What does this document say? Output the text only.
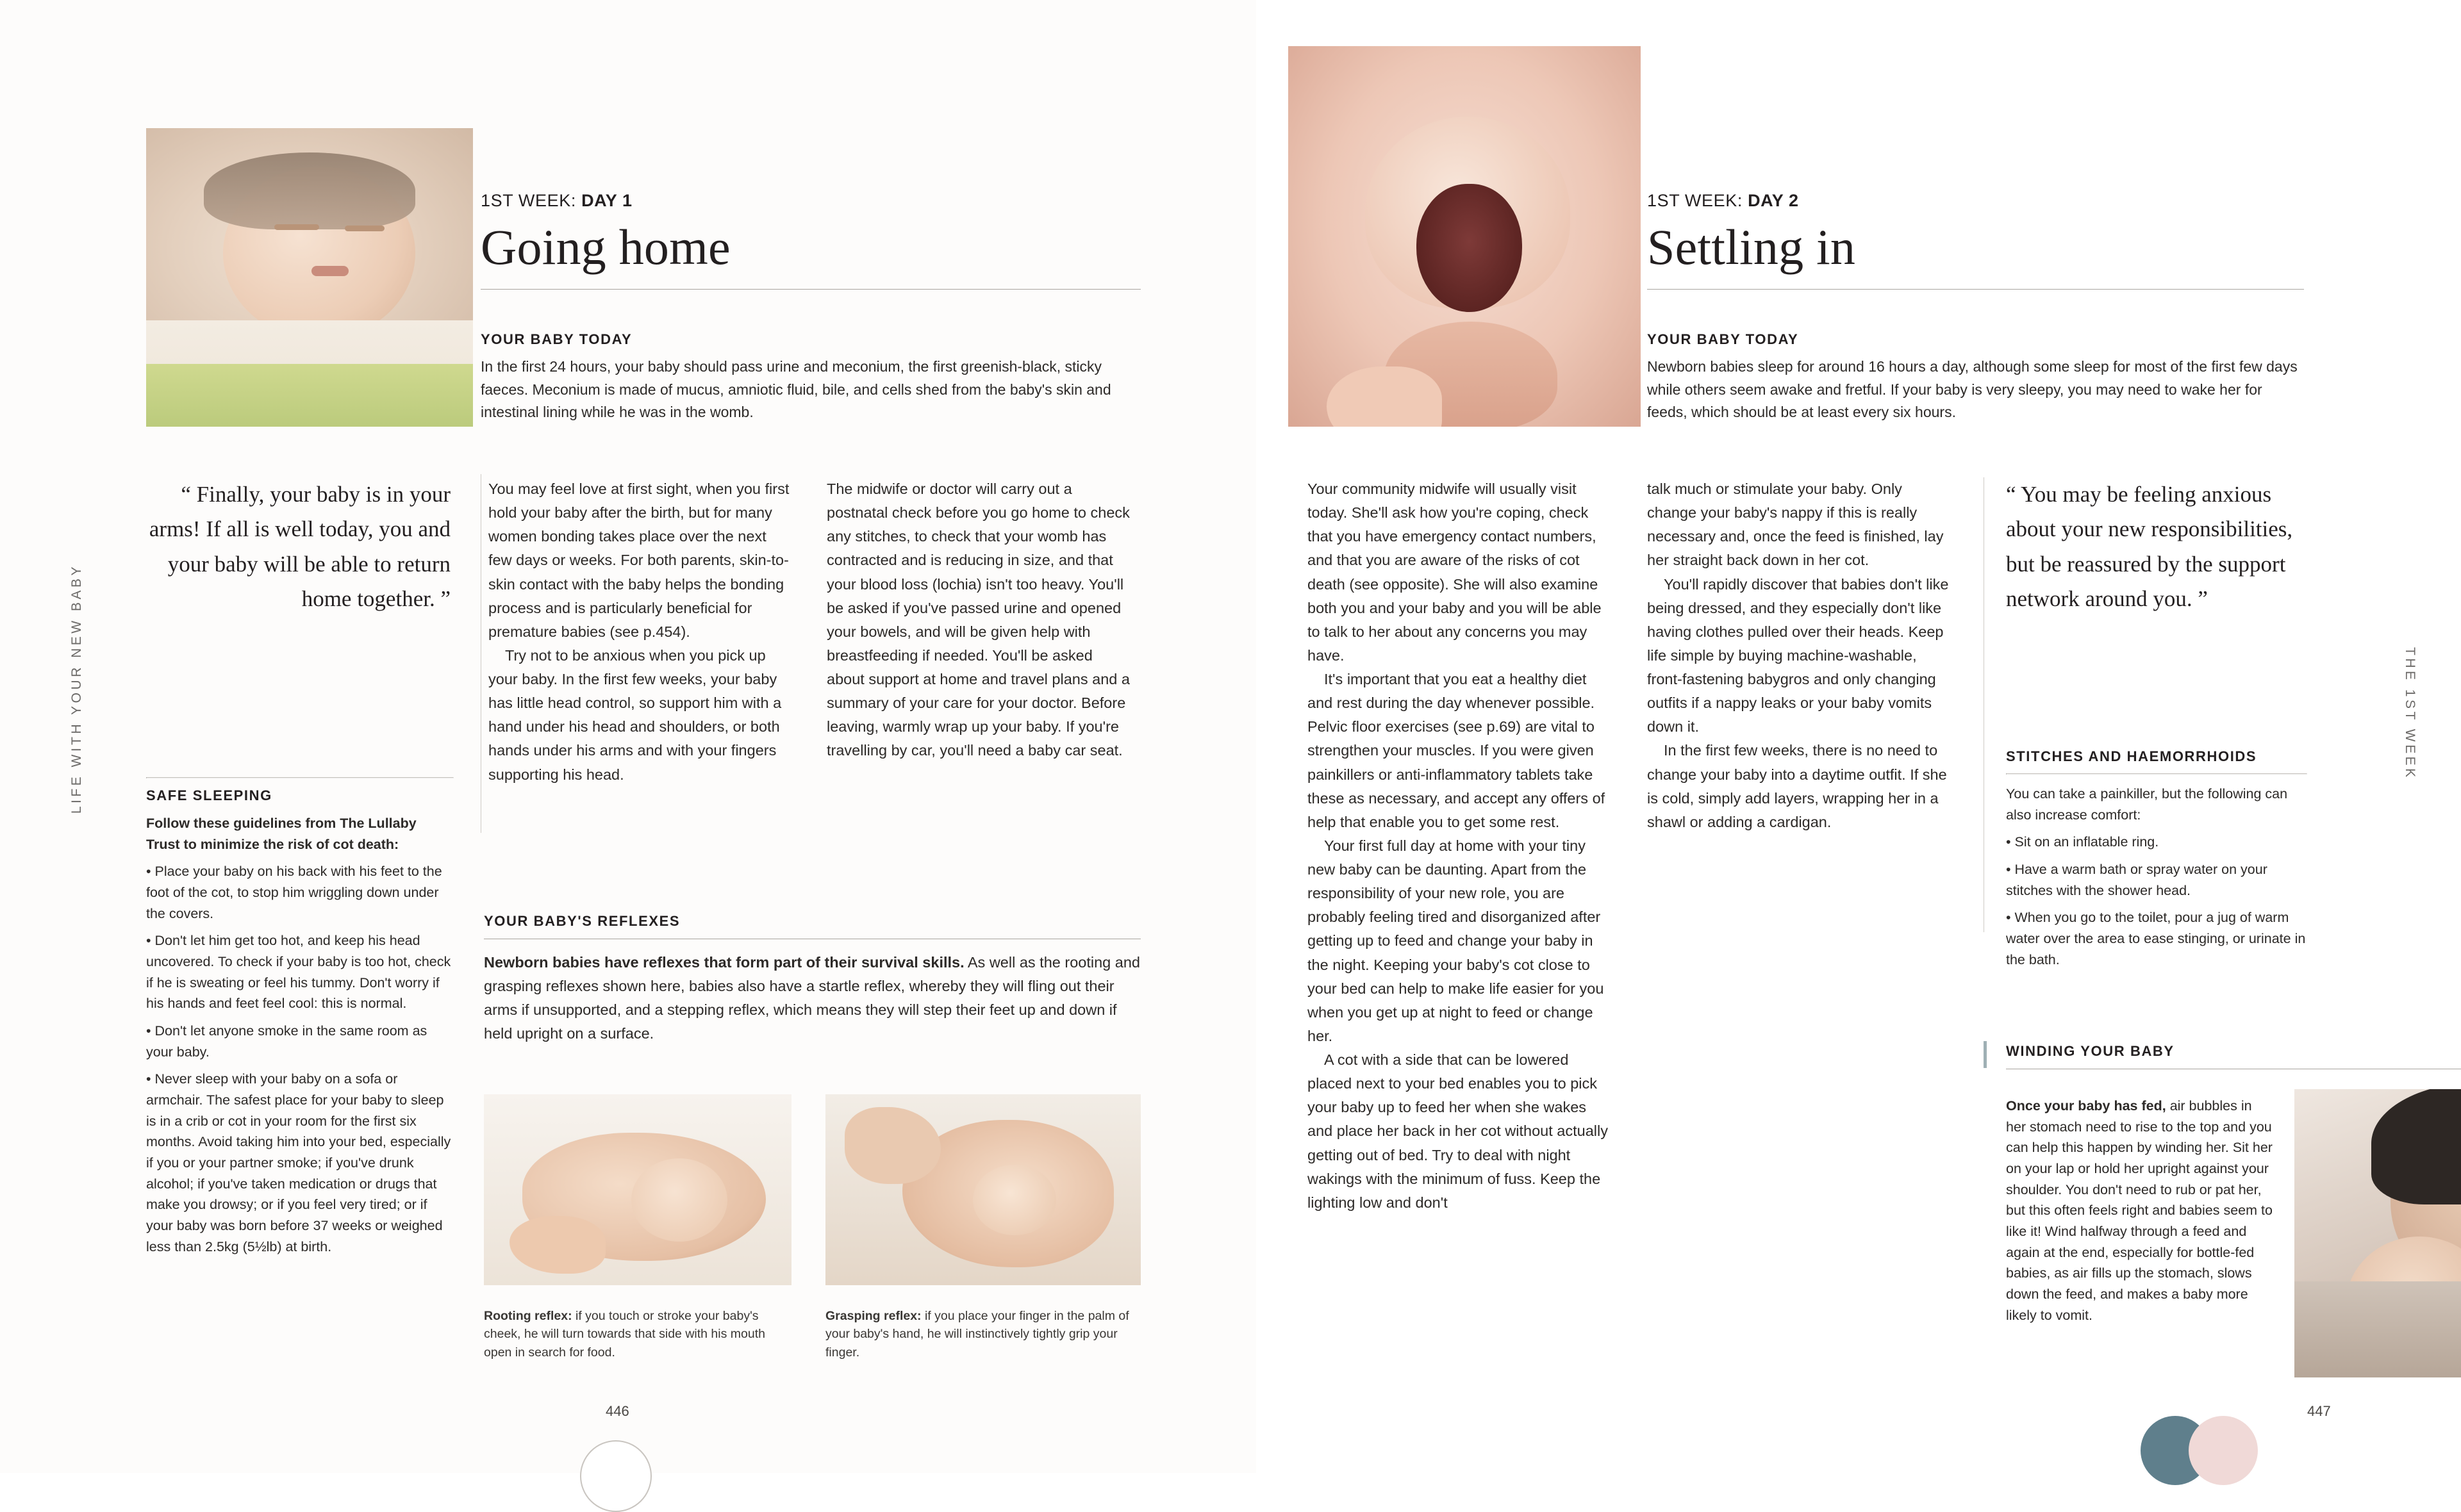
LIFE WITH YOUR NEW BABY
1ST WEEK: DAY 1
Going home
YOUR BABY TODAY
In the first 24 hours, your baby should pass urine and meconium, the first greenish-black, sticky faeces. Meconium is made of mucus, amniotic fluid, bile, and cells shed from the baby's skin and intestinal lining while he was in the womb.
“ Finally, your baby is in your arms! If all is well today, you and your baby will be able to return home together. ”
SAFE SLEEPING

Follow these guidelines from The Lullaby Trust to minimize the risk of cot death:

• Place your baby on his back with his feet to the foot of the cot, to stop him wriggling down under the covers.
• Don't let him get too hot, and keep his head uncovered. To check if your baby is too hot, check if he is sweating or feel his tummy. Don't worry if his hands and feet feel cool: this is normal.
• Don't let anyone smoke in the same room as your baby.
• Never sleep with your baby on a sofa or armchair. The safest place for your baby to sleep is in a crib or cot in your room for the first six months. Avoid taking him into your bed, especially if you or your partner smoke; if you've drunk alcohol; if you've taken medication or drugs that make you drowsy; or if you feel very tired; or if your baby was born before 37 weeks or weighed less than 2.5kg (5½lb) at birth.

You may feel love at first sight, when you first hold your baby after the birth, but for many women bonding takes place over the next few days or weeks. For both parents, skin-to-skin contact with the baby helps the bonding process and is particularly beneficial for premature babies (see p.454).

Try not to be anxious when you pick up your baby. In the first few weeks, your baby has little head control, so support him with a hand under his head and shoulders, or both hands under his arms and with your fingers supporting his head.

The midwife or doctor will carry out a postnatal check before you go home to check any stitches, to check that your womb has contracted and is reducing in size, and that your blood loss (lochia) isn't too heavy. You'll be asked if you've passed urine and opened your bowels, and will be given help with breastfeeding if needed. You'll be asked about support at home and travel plans and a summary of your care for your doctor. Before leaving, warmly wrap up your baby. If you're travelling by car, you'll need a baby car seat.

YOUR BABY'S REFLEXES
Newborn babies have reflexes that form part of their survival skills. As well as the rooting and grasping reflexes shown here, babies also have a startle reflex, whereby they will fling out their arms if unsupported, and a stepping reflex, which means they will step their feet up and down if held upright on a surface.
Rooting reflex: if you touch or stroke your baby's cheek, he will turn towards that side with his mouth open in search for food.
Grasping reflex: if you place your finger in the palm of your baby's hand, he will instinctively tightly grip your finger.
446
THE 1ST WEEK
1ST WEEK: DAY 2
Settling in
YOUR BABY TODAY
Newborn babies sleep for around 16 hours a day, although some sleep for most of the first few days while others seem awake and fretful. If your baby is very sleepy, you may need to wake her for feeds, which should be at least every six hours.

Your community midwife will usually visit today. She'll ask how you're coping, check that you have emergency contact numbers, and that you are aware of the risks of cot death (see opposite). She will also examine both you and your baby and you will be able to talk to her about any concerns you may have.

It's important that you eat a healthy diet and rest during the day whenever possible. Pelvic floor exercises (see p.69) are vital to strengthen your muscles. If you were given painkillers or anti-inflammatory tablets take these as necessary, and accept any offers of help that enable you to get some rest.

Your first full day at home with your tiny new baby can be daunting. Apart from the responsibility of your new role, you are probably feeling tired and disorganized after getting up to feed and change your baby in the night. Keeping your baby's cot close to your bed can help to make life easier for you when you get up at night to feed or change her.

A cot with a side that can be lowered placed next to your bed enables you to pick your baby up to feed her when she wakes and place her back in her cot without actually getting out of bed. Try to deal with night wakings with the minimum of fuss. Keep the lighting low and don't

talk much or stimulate your baby. Only change your baby's nappy if this is really necessary and, once the feed is finished, lay her straight back down in her cot.

You'll rapidly discover that babies don't like being dressed, and they especially don't like having clothes pulled over their heads. Keep life simple by buying machine-washable, front-fastening babygros and only changing outfits if a nappy leaks or your baby vomits down it.

In the first few weeks, there is no need to change your baby into a daytime outfit. If she is cold, simply add layers, wrapping her in a shawl or adding a cardigan.

“ You may be feeling anxious about your new responsibilities, but be reassured by the support network around you. ”
STITCHES AND HAEMORRHOIDS

You can take a painkiller, but the following can also increase comfort:

• Sit on an inflatable ring.
• Have a warm bath or spray water on your stitches with the shower head.
• When you go to the toilet, pour a jug of warm water over the area to ease stinging, or urinate in the bath.
WINDING YOUR BABY
Once your baby has fed, air bubbles in her stomach need to rise to the top and you can help this happen by winding her. Sit her on your lap or hold her upright against your shoulder. You don't need to rub or pat her, but this often feels right and babies seem to like it! Wind halfway through a feed and again at the end, especially for bottle-fed babies, as air fills up the stomach, slows down the feed, and makes a baby more likely to vomit.
447
